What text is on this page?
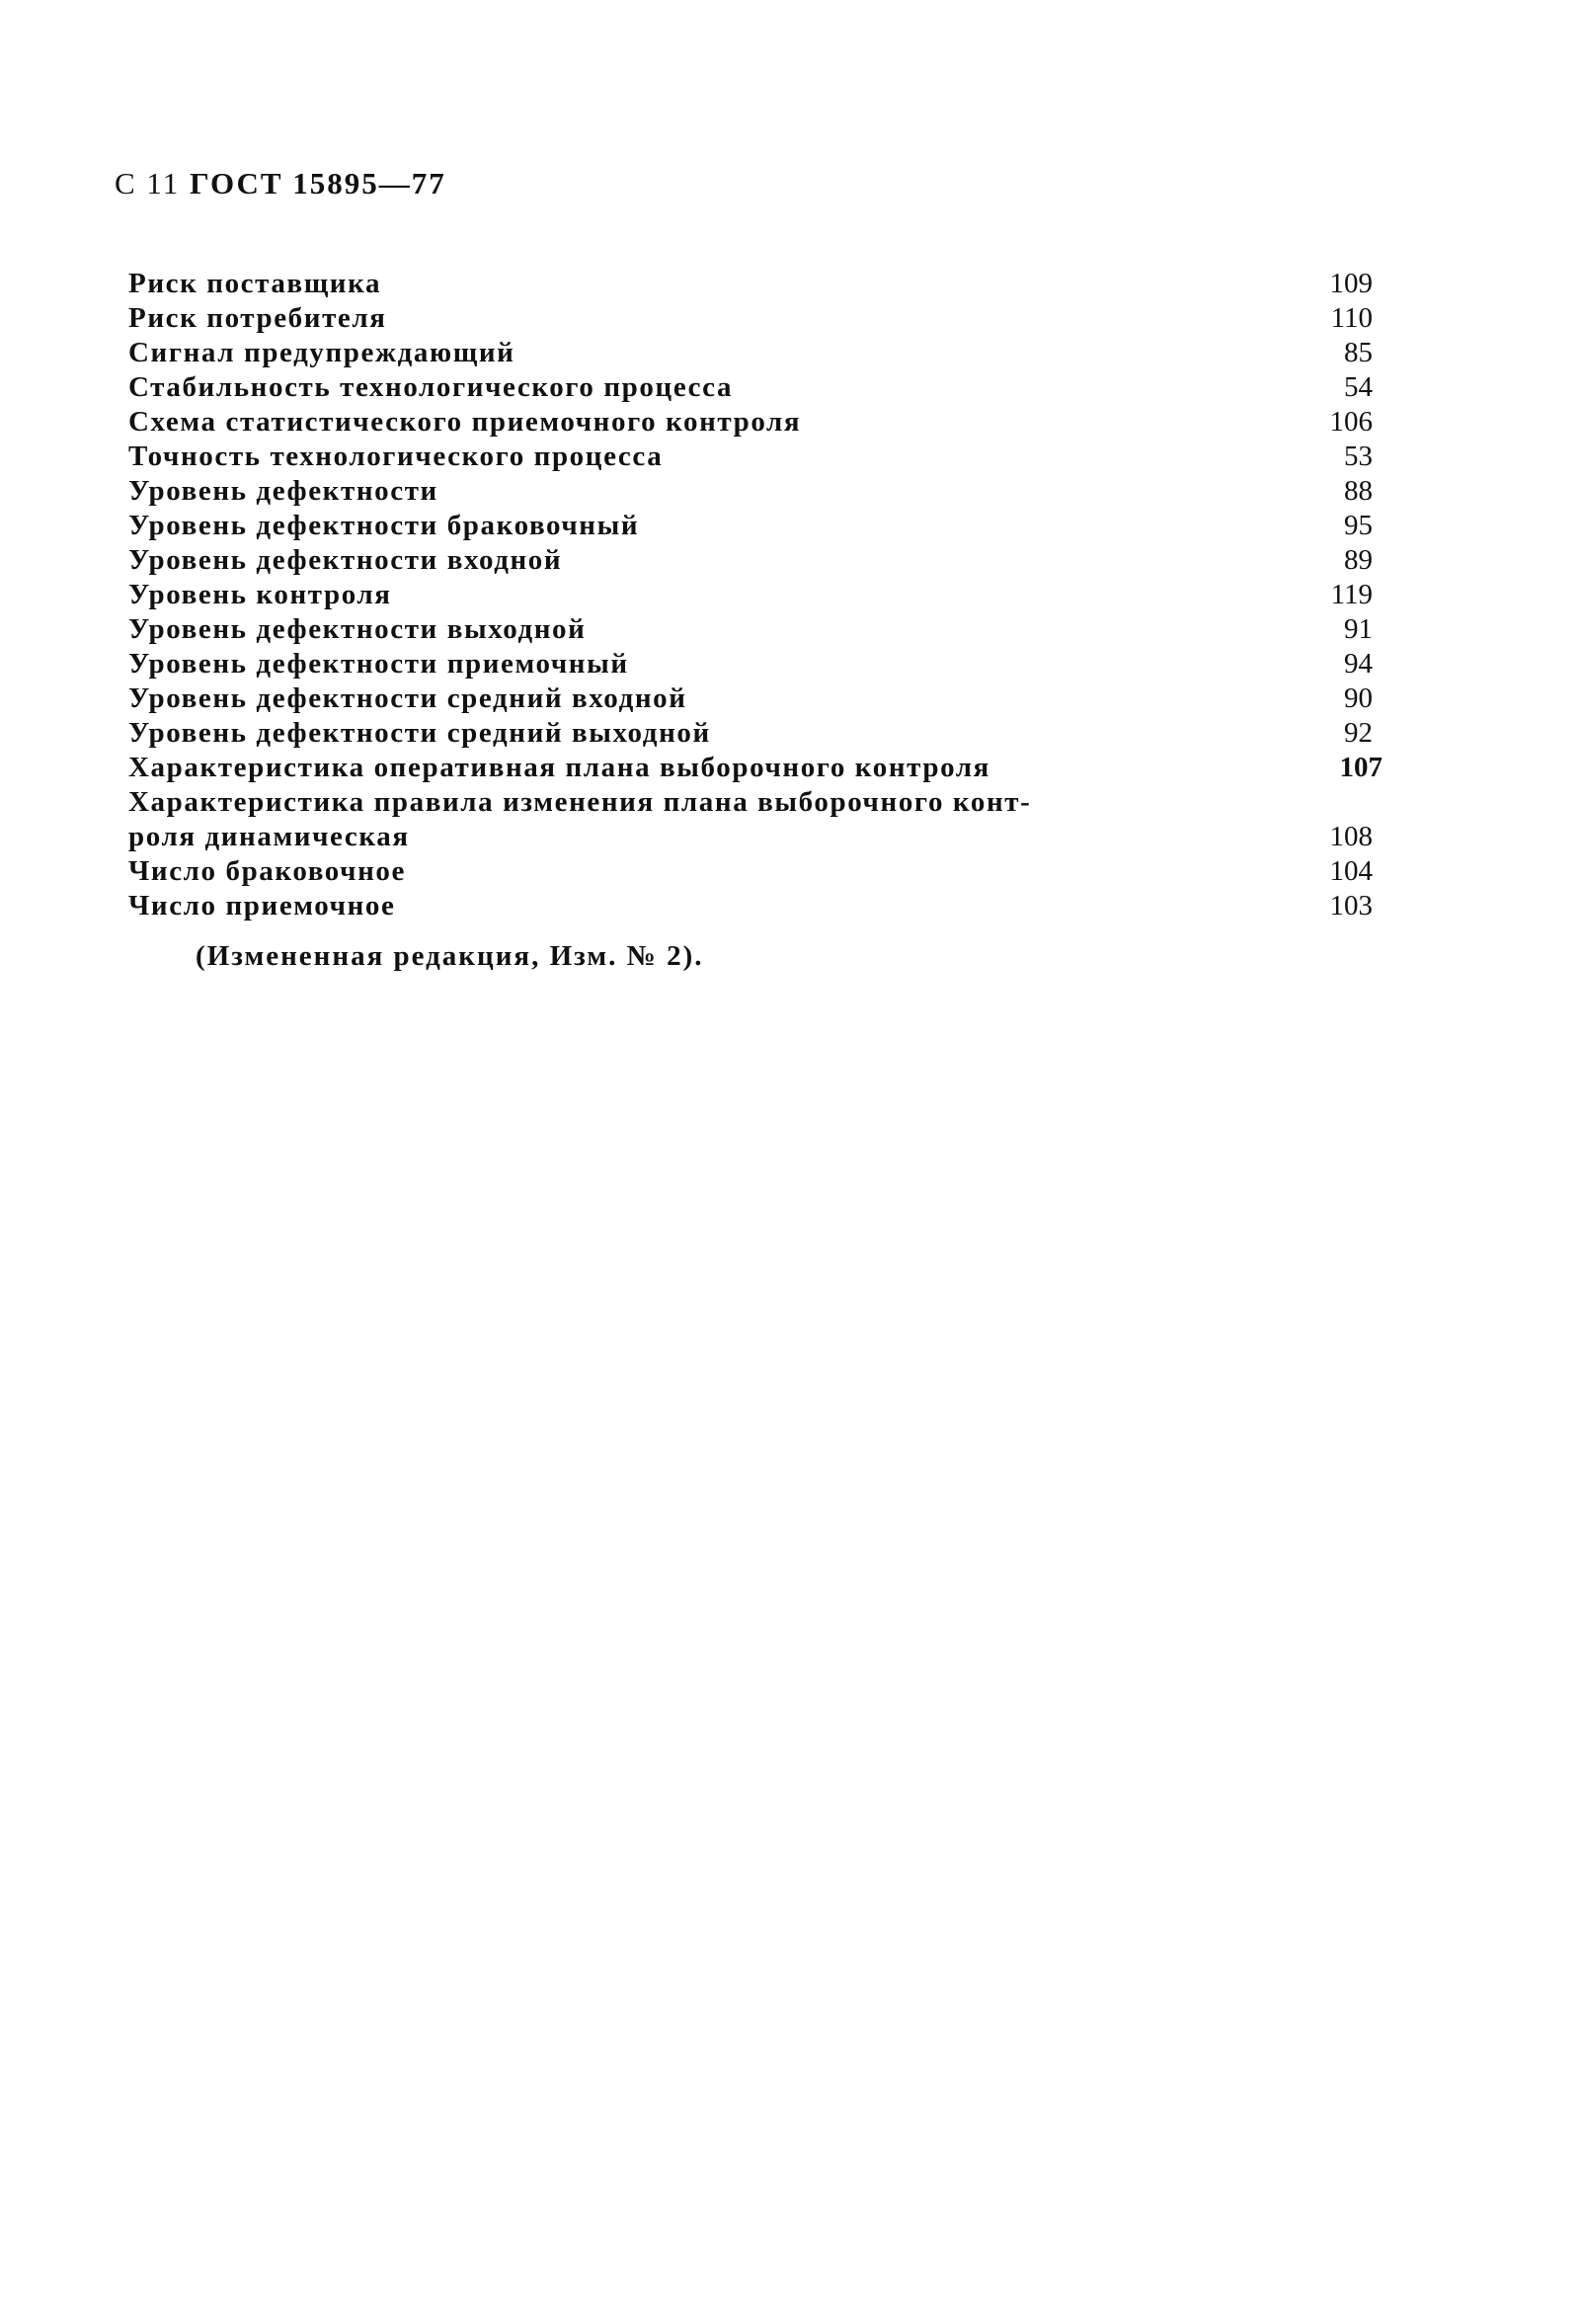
С 11 ГОСТ 15895—77
Риск поставщика	109
Риск потребителя	110
Сигнал предупреждающий	85
Стабильность технологического процесса	54
Схема статистического приемочного контроля	106
Точность технологического процесса	53
Уровень дефектности	88
Уровень дефектности браковочный	95
Уровень дефектности входной	89
Уровень контроля	119
Уровень дефектности выходной	91
Уровень дефектности приемочный	94
Уровень дефектности средний входной	90
Уровень дефектности средний выходной	92
Характеристика оперативная плана выборочного контроля	107
Характеристика правила изменения плана выборочного конт-
роля динамическая	108
Число браковочное	104
Число приемочное	103
(Измененная редакция, Изм. № 2).
